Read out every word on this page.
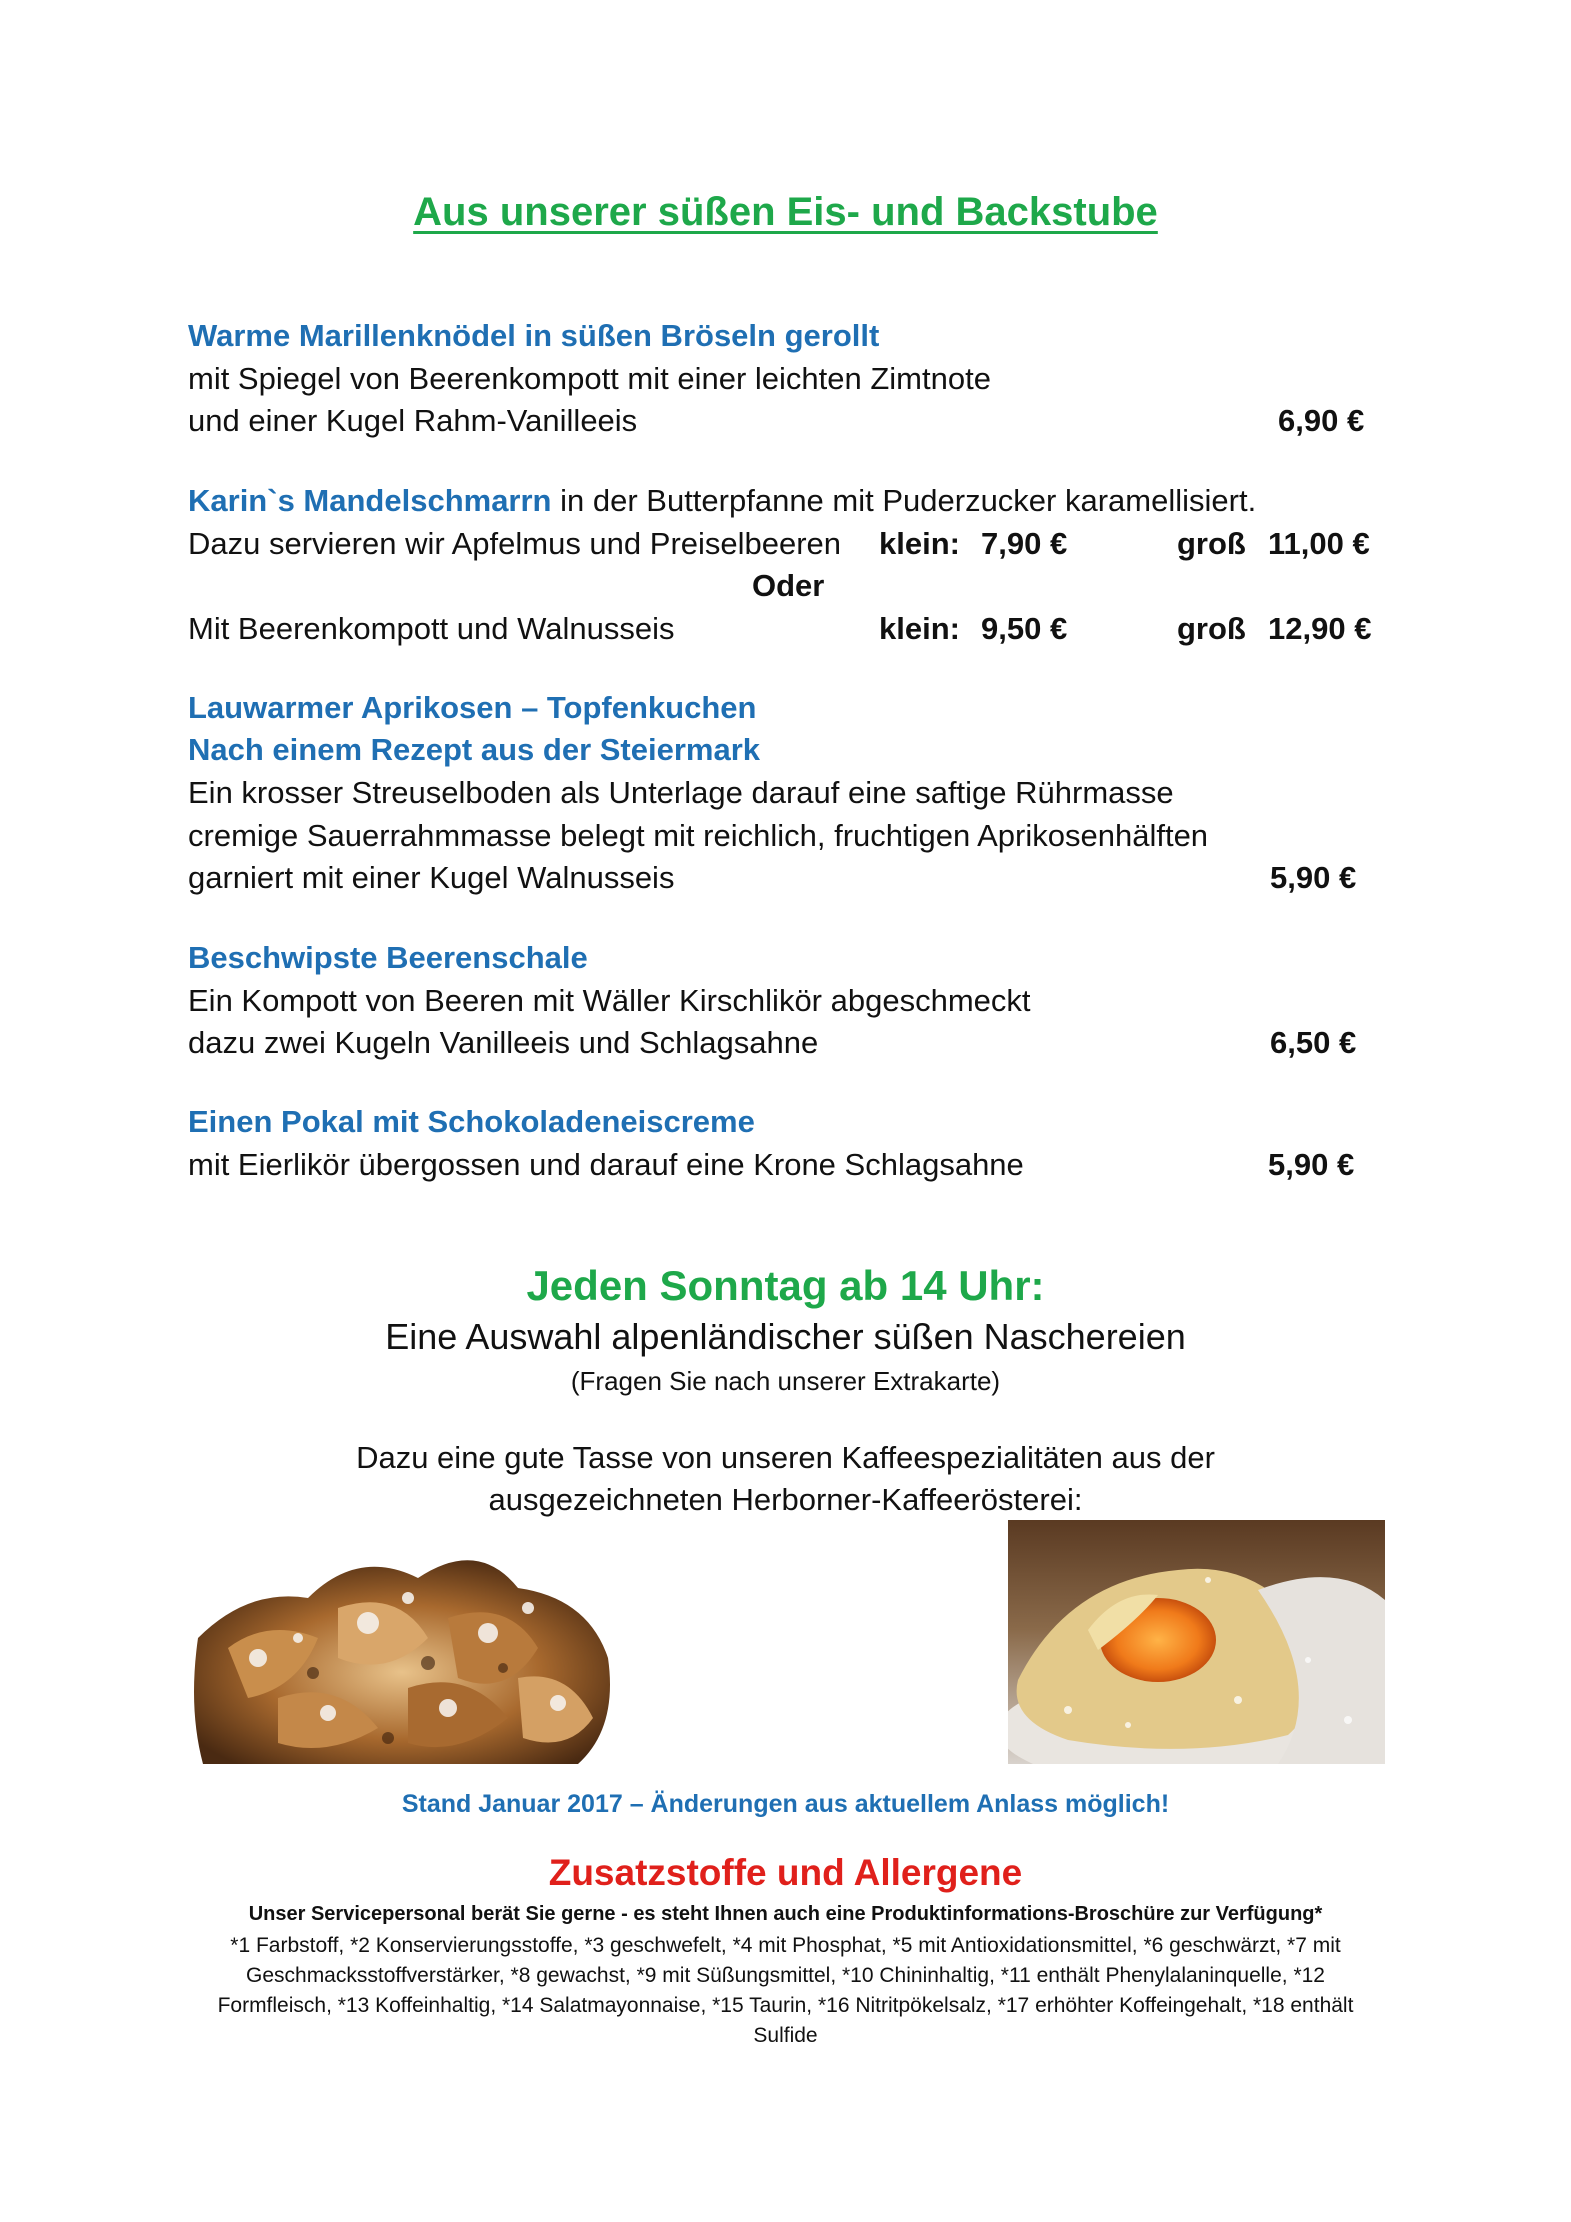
Aus unserer süßen Eis- und Backstube
Warme Marillenknödel in süßen Bröseln gerollt
mit Spiegel von Beerenkompott mit einer leichten Zimtnote
und einer Kugel Rahm-Vanilleeis	6,90 €
Karin`s Mandelschmarrn in der Butterpfanne mit Puderzucker karamellisiert.
Dazu servieren wir Apfelmus und Preiselbeeren klein: 7,90 €	groß 11,00 €
Oder
Mit Beerenkompott und Walnusseis	klein: 9,50 €	groß 12,90 €
Lauwarmer Aprikosen – Topfenkuchen
Nach einem Rezept aus der Steiermark
Ein krosser Streuselboden als Unterlage darauf eine saftige Rührmasse
cremige Sauerrahmmasse belegt mit reichlich, fruchtigen Aprikosenhälften
garniert mit einer Kugel Walnusseis	5,90 €
Beschwipste Beerenschale
Ein Kompott von Beeren mit Wäller Kirschlikör abgeschmeckt
dazu zwei Kugeln Vanilleeis und Schlagsahne	6,50 €
Einen Pokal mit Schokoladeneiscreme
mit Eierlikör übergossen und darauf eine Krone Schlagsahne	5,90 €
Jeden Sonntag ab 14 Uhr:
Eine Auswahl alpenländischer süßen Naschereien
(Fragen Sie nach unserer Extrakarte)
Dazu eine gute Tasse von unseren Kaffeespezialitäten aus der ausgezeichneten Herborner-Kaffeerösterei:
Stand Januar 2017 – Änderungen aus aktuellem Anlass möglich!
Zusatzstoffe und Allergene
Unser Servicepersonal berät Sie gerne - es steht Ihnen auch eine Produktinformations-Broschüre zur Verfügung*
*1 Farbstoff, *2 Konservierungsstoffe, *3 geschwefelt, *4 mit Phosphat, *5 mit Antioxidationsmittel, *6 geschwärzt, *7 mit Geschmacksstoffverstärker, *8 gewachst, *9 mit Süßungsmittel, *10 Chininhaltig, *11 enthält Phenylalaninquelle, *12 Formfleisch, *13 Koffeinhaltig, *14 Salatmayonnaise, *15 Taurin, *16 Nitritpökelsalz, *17 erhöhter Koffeingehalt, *18 enthält Sulfide
